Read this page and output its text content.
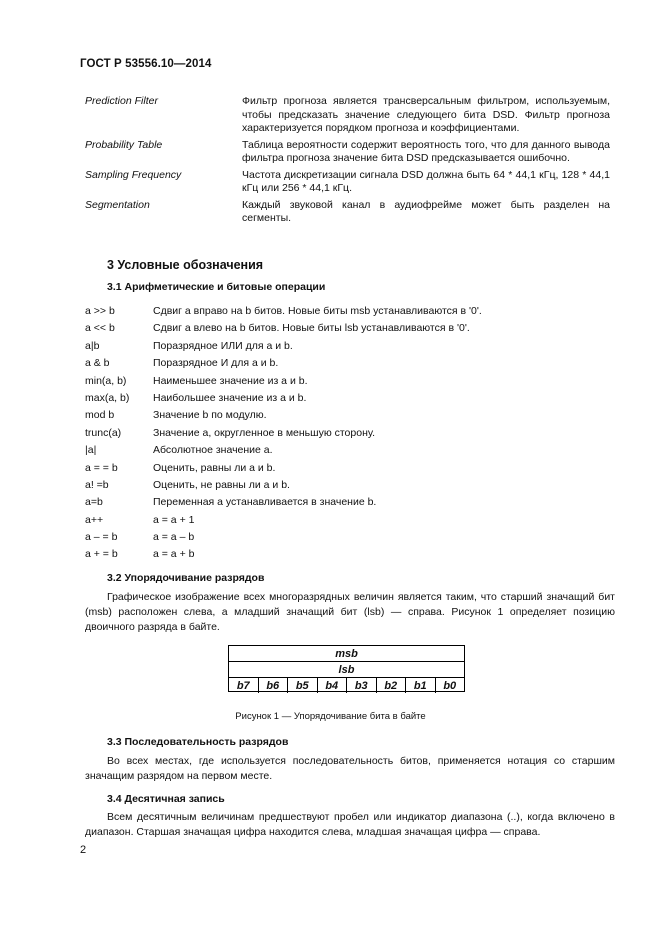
ГОСТ Р 53556.10—2014
Prediction Filter	Фильтр прогноза является трансверсальным фильтром, используемым, чтобы предсказать значение следующего бита DSD. Фильтр прогноза характеризуется порядком прогноза и коэффициентами.
Probability Table	Таблица вероятности содержит вероятность того, что для данного вывода фильтра прогноза значение бита DSD предсказывается ошибочно.
Sampling Frequency	Частота дискретизации сигнала DSD должна быть 64 * 44,1 кГц, 128 * 44,1 кГц или 256 * 44,1 кГц.
Segmentation	Каждый звуковой канал в аудиофрейме может быть разделен на сегменты.
3 Условные обозначения
3.1 Арифметические и битовые операции
a >> b	Сдвиг a вправо на b битов. Новые биты msb устанавливаются в '0'.
a << b	Сдвиг a влево на b битов. Новые биты lsb устанавливаются в '0'.
a|b	Поразрядное ИЛИ для a и b.
a & b	Поразрядное И для a и b.
min(a, b)	Наименьшее значение из a и b.
max(a, b)	Наибольшее значение из a и b.
mod b	Значение b по модулю.
trunc(a)	Значение a, округленное в меньшую сторону.
|a|	Абсолютное значение a.
a = = b	Оценить, равны ли a и b.
a! =b	Оценить, не равны ли a и b.
a=b	Переменная a устанавливается в значение b.
a++	a = a + 1
a – = b	a = a – b
a + = b	a = a + b
3.2 Упорядочивание разрядов
Графическое изображение всех многоразрядных величин является таким, что старший значащий бит (msb) расположен слева, а младший значащий бит (lsb) — справа. Рисунок 1 определяет позицию двоичного разряда в байте.
msb
lsb
b7	b6	b5	b4	b3	b2	b1	b0
Рисунок 1 — Упорядочивание бита в байте
3.3 Последовательность разрядов
Во всех местах, где используется последовательность битов, применяется нотация со старшим значащим разрядом на первом месте.
3.4 Десятичная запись
Всем десятичным величинам предшествуют пробел или индикатор диапазона (..), когда включено в диапазон. Старшая значащая цифра находится слева, младшая значащая цифра — справа.
2
